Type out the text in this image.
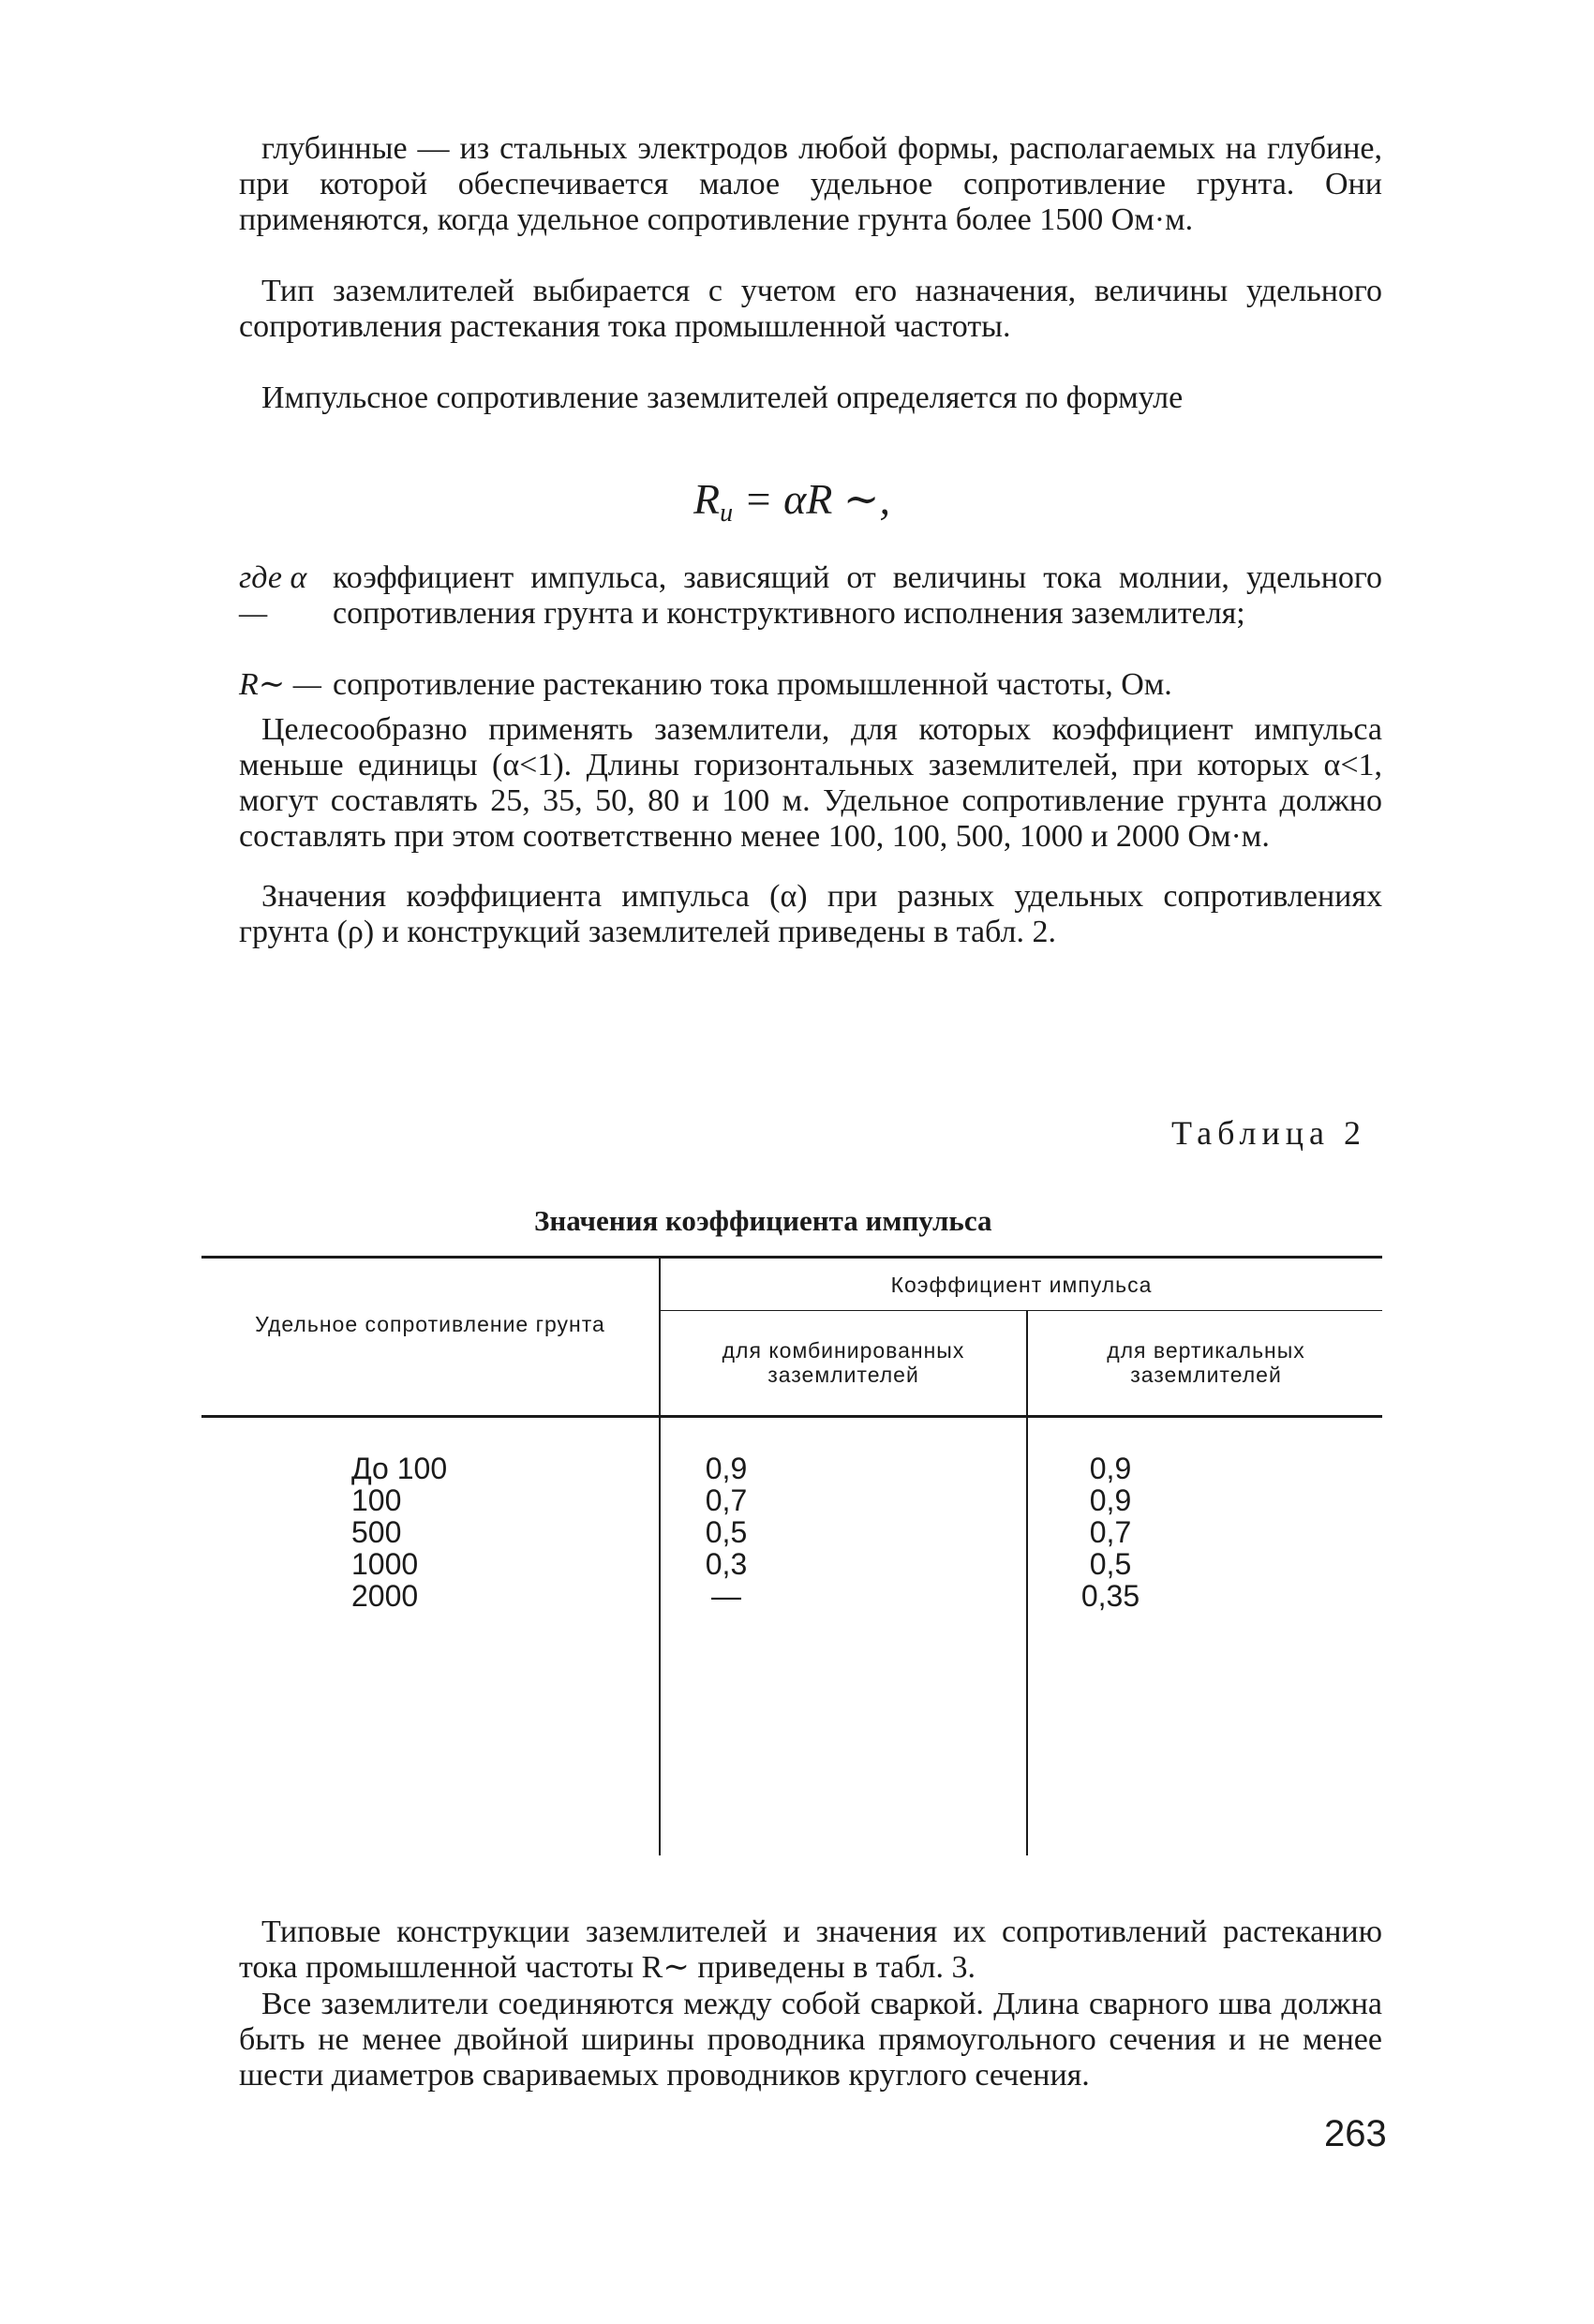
глубинные — из стальных электродов любой формы, располагаемых на глубине, при которой обеспечивается малое удельное сопротивление грунта. Они применяются, когда удельное сопротивление грунта более 1500 Ом·м.

Тип заземлителей выбирается с учетом его назначения, величины удельного сопротивления растекания тока промышленной частоты.

Импульсное сопротивление заземлителей определяется по формуле

$R_и = \alpha R$ ∼,
где α —
коэффициент импульса, зависящий от величины тока молнии, удельного сопротивления грунта и конструктивного исполнения заземлителя;
R∼ — сопротивление растеканию тока промышленной частоты, Ом.

Целесообразно применять заземлители, для которых коэффициент импульса меньше единицы (α<1). Длины горизонтальных заземлителей, при которых α<1, могут составлять 25, 35, 50, 80 и 100 м. Удельное сопротивление грунта должно составлять при этом соответственно менее 100, 100, 500, 1000 и 2000 Ом·м.

Значения коэффициента импульса (α) при разных удельных сопротивлениях грунта (ρ) и конструкций заземлителей приведены в табл. 2.

Таблица 2
Значения коэффициента импульса
Удельное сопротивление грунта
Коэффициент импульса
для комбинированных заземлителей
для вертикальных заземлителей
До 100
100
500
1000
2000
0,9
0,7
0,5
0,3
—
0,9
0,9
0,7
0,5
0,35

Типовые конструкции заземлителей и значения их сопротивлений растеканию тока промышленной частоты R∼ приведены в табл. 3.

Все заземлители соединяются между собой сваркой. Длина сварного шва должна быть не менее двойной ширины проводника прямоугольного сечения и не менее шести диаметров свариваемых проводников круглого сечения.

263
